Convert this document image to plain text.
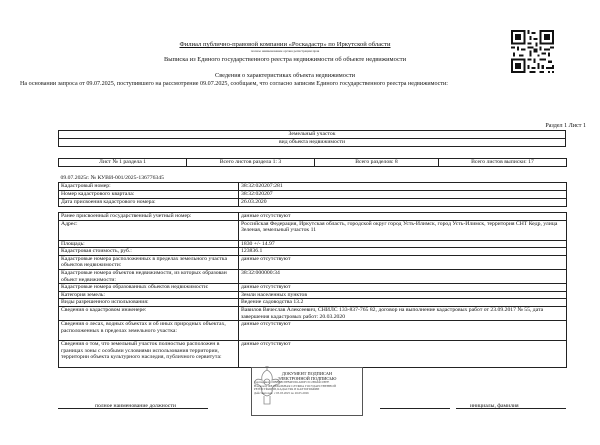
Филиал публично-правовой компании «Роскадастр» по Иркутской области
полное наименование органа регистрации прав
Выписка из Единого государственного реестра недвижимости об объекте недвижимости
Сведения о характеристиках объекта недвижимости
На основании запроса от 09.07.2025, поступившего на рассмотрение 09.07.2025, сообщаем, что согласно записям Единого государственного реестра недвижимости:
Раздел 1 Лист 1
Земельный участок
вид объекта недвижимости
Лист № 1 раздела 1	Всего листов раздела 1: 3	Всего разделов: 8	Всего листов выписки: 17
09.07.2025г. № КУВИ-001/2025-136776345	
Кадастровый номер:	38:32:020207:281
Номер кадастрового квартала:	38:32:020207
Дата присвоения кадастрового номера:	26.03.2020
Ранее присвоенный государственный учетный номер:	данные отсутствуют
Адрес:	Российская Федерация, Иркутская область, городской округ город Усть-Илимск, город Усть-Илимск, территория СНТ Кедр, улица Зеленая, земельный участок 11
Площадь:	1830 +/- 14.97
Кадастровая стоимость, руб.:	123836.1
Кадастровые номера расположенных в пределах земельного участка объектов недвижимости:	данные отсутствуют
Кадастровые номера объектов недвижимости, из которых образован объект недвижимости:	38:32:000000:34
Кадастровые номера образованных объектов недвижимости:	данные отсутствуют
Категория земель:	Земли населенных пунктов
Виды разрешенного использования:	Ведение садоводства 13.2
Сведения о кадастровом инженере:	Вавилов Вячеслав Алексеевич, СНИЛС 133-837-765 82, договор на выполнение кадастровых работ от 23.09.2017 № 55, дата завершения кадастровых работ: 20.03.2020
Сведения о лесах, водных объектах и об иных природных объектах, расположенных в пределах земельного участка:	данные отсутствуют
Сведения о том, что земельный участок полностью расположен в границах зоны с особыми условиями использования территории, территории объекта культурного наследия, публичного сервитута:	данные отсутствуют
ДОКУМЕНТ ПОДПИСАН
ЭЛЕКТРОННОЙ ПОДПИСЬЮ
Сертификат: 00BBB8C8FB4E0D1A0DF15C2B0A9C0B7E
Владелец: ФЕДЕРАЛЬНАЯ СЛУЖБА ГОСУДАРСТВЕННОЙ
РЕГИСТРАЦИИ, КАДАСТРА И КАРТОГРАФИИ
Действителен: с 03.03.2025 по 26.05.2026
полное наименование должности	инициалы, фамилия
